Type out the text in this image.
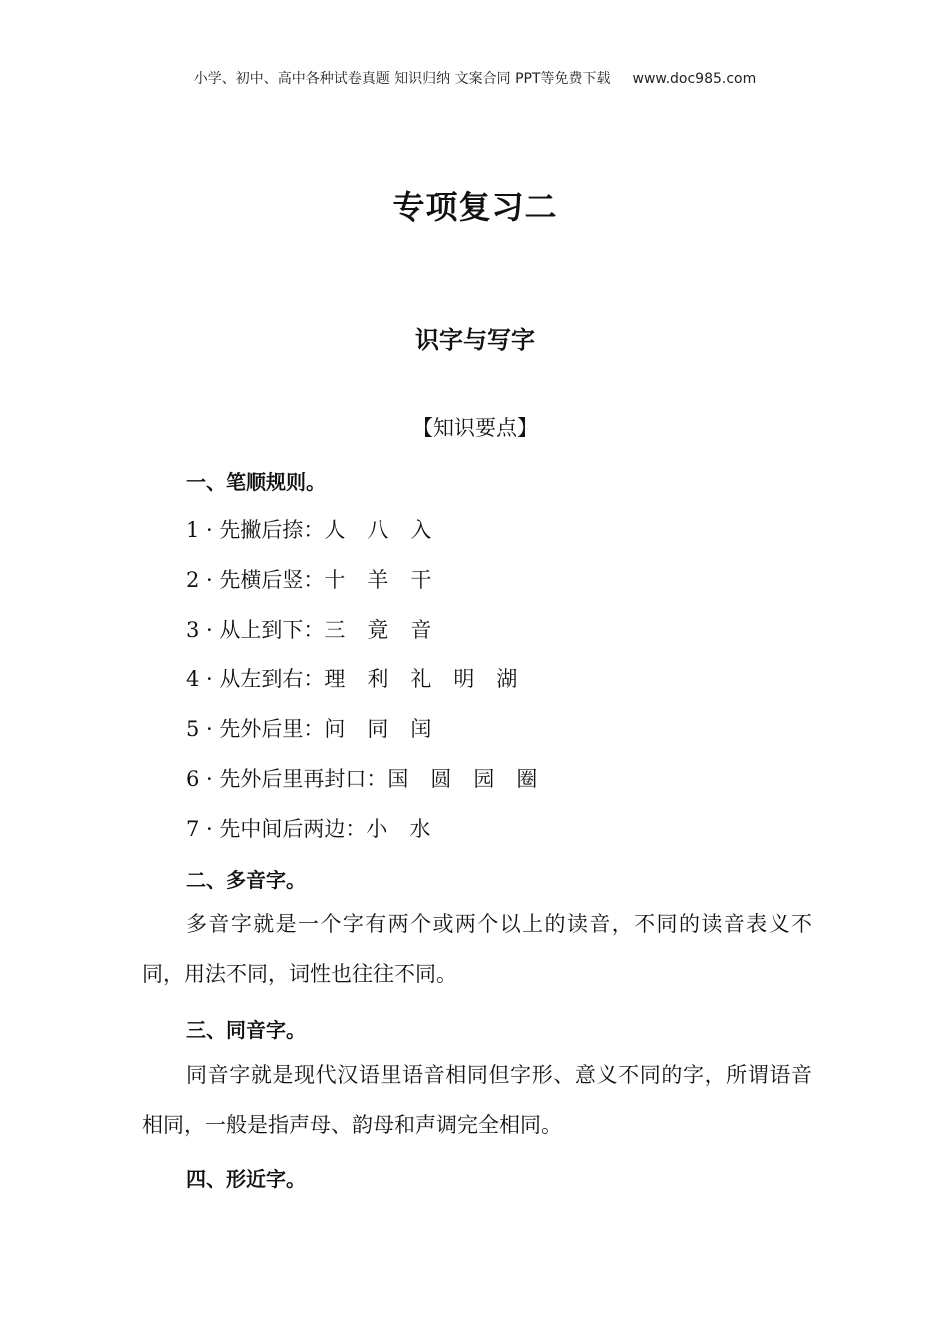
小学、初中、高中各种试卷真题 知识归纳 文案合同 PPT等免费下载 www.doc985.com
专项复习二
识字与写字
【知识要点】
一、笔顺规则。
1 · 先撇后捺：人 八 入
2 · 先横后竖：十 羊 干
3 · 从上到下：三 竟 音
4 · 从左到右：理 利 礼 明 湖
5 · 先外后里：问 同 闰
6 · 先外后里再封口：国 圆 园 圈
7 · 先中间后两边：小 水
二、多音字。
多音字就是一个字有两个或两个以上的读音，不同的读音表义不同，用法不同，词性也往往不同。
三、同音字。
同音字就是现代汉语里语音相同但字形、意义不同的字，所谓语音相同，一般是指声母、韵母和声调完全相同。
四、形近字。
